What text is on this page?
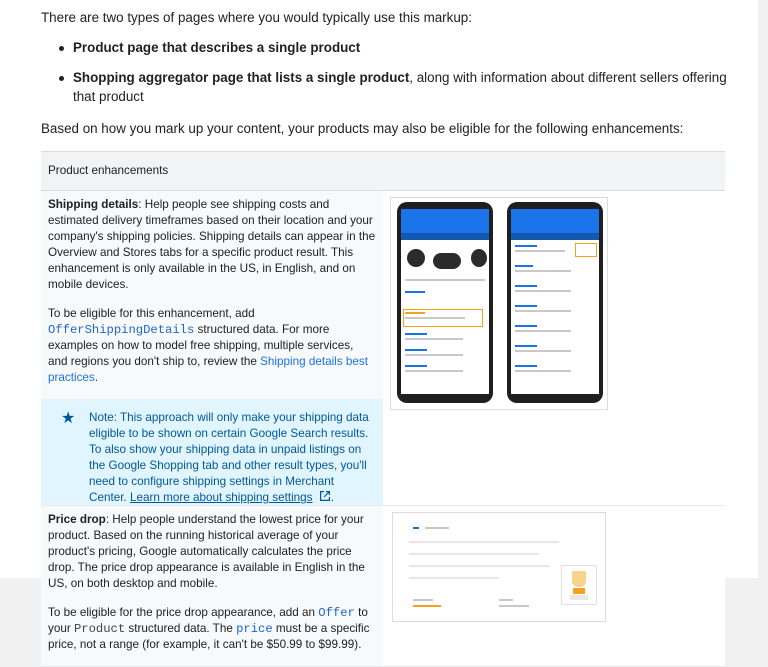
There are two types of pages where you would typically use this markup:

Product page that describes a single product
Shopping aggregator page that lists a single product, along with information about different sellers offering that product

Based on how you mark up your content, your products may also be eligible for the following enhancements:

Product enhancements	

Shipping details: Help people see shipping costs and estimated delivery timeframes based on their location and your company's shipping policies. Shipping details can appear in the Overview and Stores tabs for a specific product result. This enhancement is only available in the US, in English, and on mobile devices.

To be eligible for this enhancement, add OfferShippingDetails structured data. For more examples on how to model free shipping, multiple services, and regions you don't ship to, review the Shipping details best practices.

★ Note: This approach will only make your shipping data eligible to be shown on certain Google Search results. To also show your shipping data in unpaid listings on the Google Shopping tab and other result types, you'll need to configure shipping settings in Merchant Center. Learn more about shipping settings .	

Price drop: Help people understand the lowest price for your product. Based on the running historical average of your product's pricing, Google automatically calculates the price drop. The price drop appearance is available in English in the US, on both desktop and mobile.

To be eligible for the price drop appearance, add an Offer to your Product structured data. The price must be a specific price, not a range (for example, it can't be $50.99 to $99.99).	
